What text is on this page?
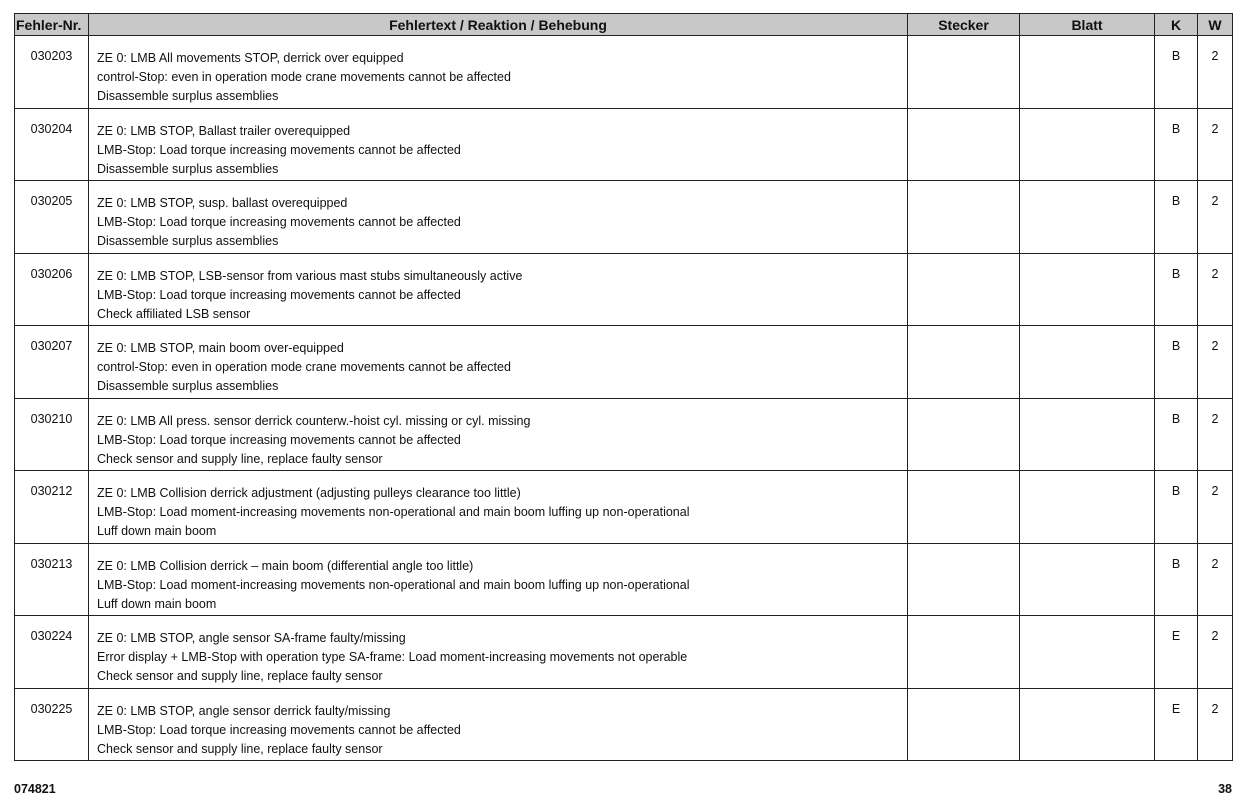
Fehler-Nr.	Fehlertext / Reaktion / Behebung	Stecker	Blatt	K	W
030203	ZE 0: LMB All movements STOP, derrick over equipped
control-Stop: even in operation mode crane movements cannot be affected
Disassemble surplus assemblies			B	2
030204	ZE 0: LMB STOP, Ballast trailer overequipped
LMB-Stop: Load torque increasing movements cannot be affected
Disassemble surplus assemblies			B	2
030205	ZE 0: LMB STOP, susp. ballast overequipped
LMB-Stop: Load torque increasing movements cannot be affected
Disassemble surplus assemblies			B	2
030206	ZE 0: LMB STOP, LSB-sensor from various mast stubs simultaneously active
LMB-Stop: Load torque increasing movements cannot be affected
Check affiliated LSB sensor			B	2
030207	ZE 0: LMB STOP, main boom over-equipped
control-Stop: even in operation mode crane movements cannot be affected
Disassemble surplus assemblies			B	2
030210	ZE 0: LMB All press. sensor derrick counterw.-hoist cyl. missing or cyl. missing
LMB-Stop: Load torque increasing movements cannot be affected
Check sensor and supply line, replace faulty sensor			B	2
030212	ZE 0: LMB Collision derrick adjustment (adjusting pulleys clearance too little)
LMB-Stop: Load moment-increasing movements non-operational and main boom luffing up non-operational
Luff down main boom			B	2
030213	ZE 0: LMB Collision derrick – main boom (differential angle too little)
LMB-Stop: Load moment-increasing movements non-operational and main boom luffing up non-operational
Luff down main boom			B	2
030224	ZE 0: LMB STOP, angle sensor SA-frame faulty/missing
Error display + LMB-Stop with operation type SA-frame: Load moment-increasing movements not operable
Check sensor and supply line, replace faulty sensor			E	2
030225	ZE 0: LMB STOP, angle sensor derrick faulty/missing
LMB-Stop: Load torque increasing movements cannot be affected
Check sensor and supply line, replace faulty sensor			E	2
074821	38
